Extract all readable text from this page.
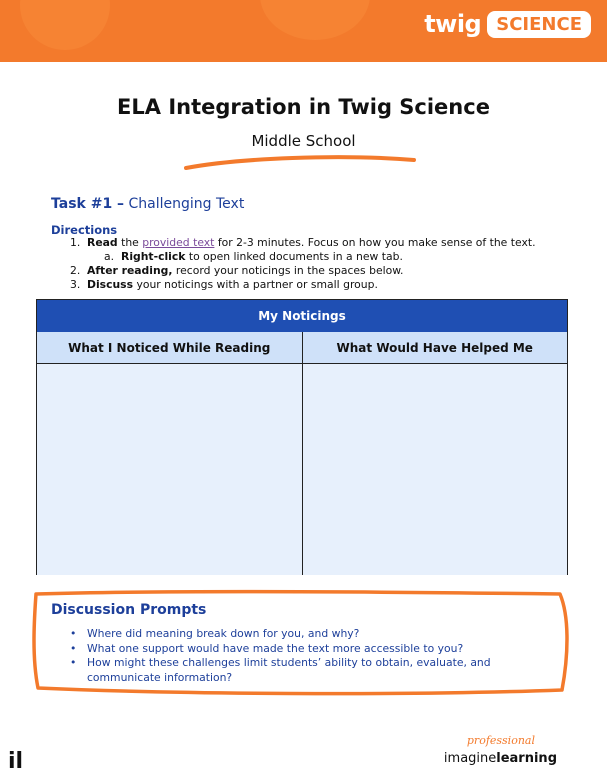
twig SCIENCE
ELA Integration in Twig Science
Middle School
Task #1 – Challenging Text
Directions
1. Read the provided text for 2-3 minutes. Focus on how you make sense of the text.
a. Right-click to open linked documents in a new tab.
2. After reading, record your noticings in the spaces below.
3. Discuss your noticings with a partner or small group.
My Noticings
What I Noticed While Reading	What Would Have Helped Me
Discussion Prompts
• Where did meaning break down for you, and why?
• What one support would have made the text more accessible to you?
• How might these challenges limit students’ ability to obtain, evaluate, and communicate information?
il
professional
imaginelearning
